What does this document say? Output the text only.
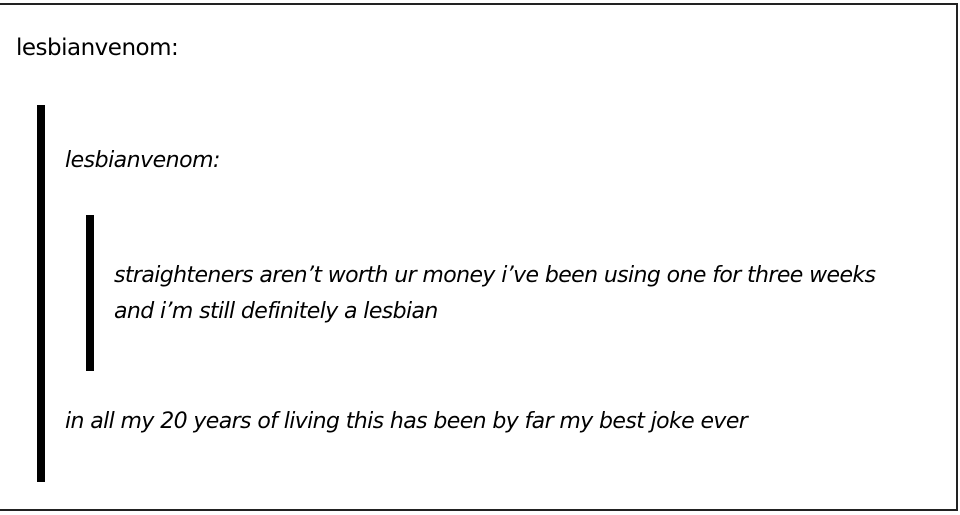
lesbianvenom:
lesbianvenom:
straighteners aren’t worth ur money i’ve been using one for three weeks and i’m still definitely a lesbian
in all my 20 years of living this has been by far my best joke ever
